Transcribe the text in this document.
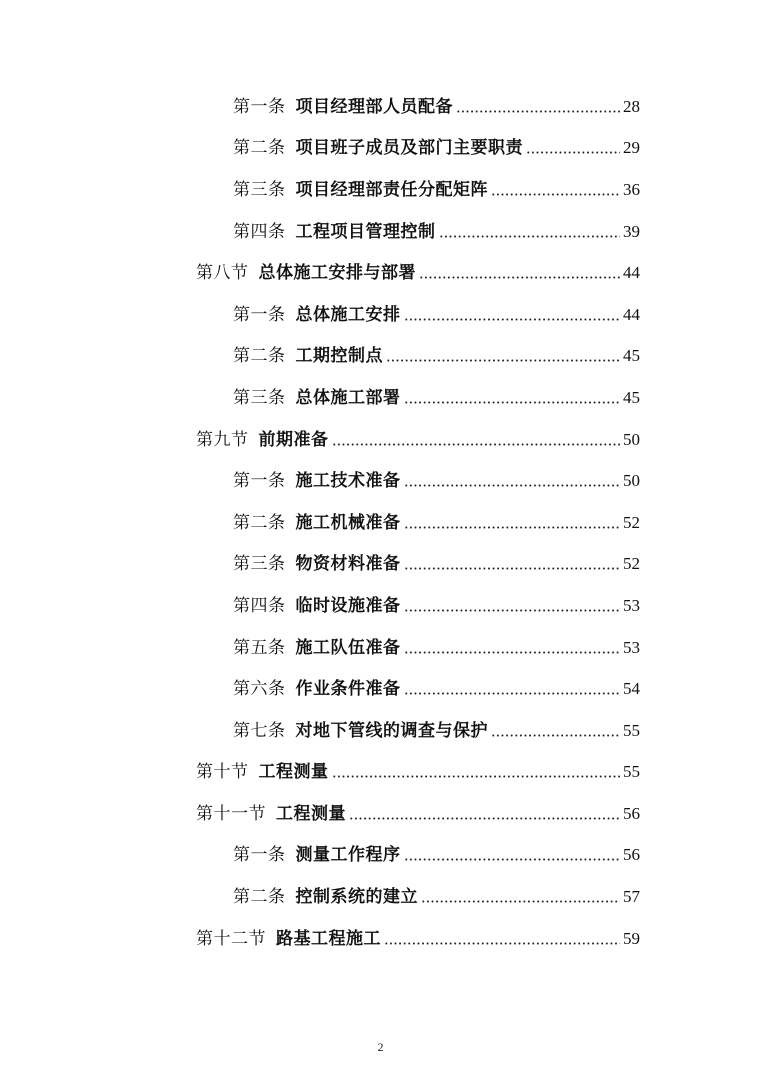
第一条 项目经理部人员配备	28
第二条 项目班子成员及部门主要职责	29
第三条 项目经理部责任分配矩阵	36
第四条 工程项目管理控制	39
第八节 总体施工安排与部署	44
第一条 总体施工安排	44
第二条 工期控制点	45
第三条 总体施工部署	45
第九节 前期准备	50
第一条 施工技术准备	50
第二条 施工机械准备	52
第三条 物资材料准备	52
第四条 临时设施准备	53
第五条 施工队伍准备	53
第六条 作业条件准备	54
第七条 对地下管线的调查与保护	55
第十节 工程测量	55
第十一节 工程测量	56
第一条 测量工作程序	56
第二条 控制系统的建立	57
第十二节 路基工程施工	59
2
